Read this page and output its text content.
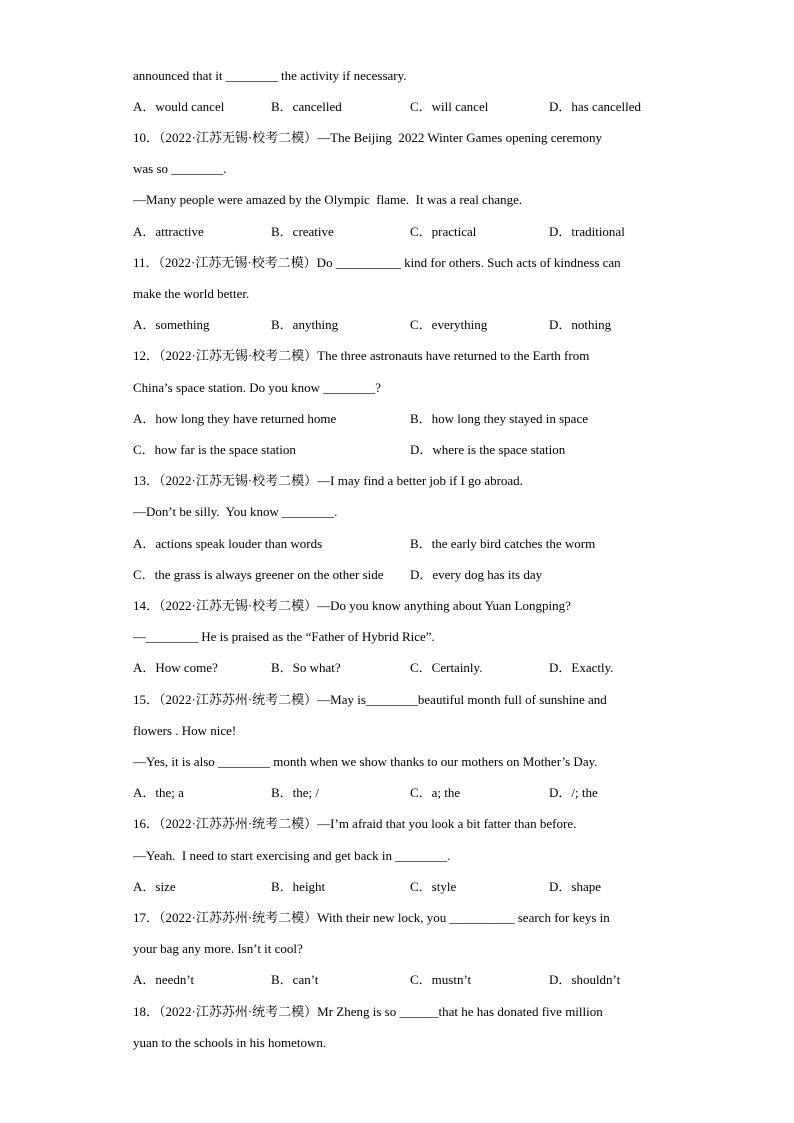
announced that it ________ the activity if necessary.
A．would cancel	B．cancelled	C．will cancel	D．has cancelled
10．（2022·江苏无锡·校考二模）—The Beijing  2022 Winter Games opening ceremony
was so ________.
—Many people were amazed by the Olympic  flame.  It was a real change.
A．attractive	B．creative	C．practical	D．traditional
11．（2022·江苏无锡·校考二模）Do __________ kind for others. Such acts of kindness can
make the world better.
A．something	B．anything	C．everything	D．nothing
12．（2022·江苏无锡·校考二模）The three astronauts have returned to the Earth from
China’s space station. Do you know ________?
A．how long they have returned home	B．how long they stayed in space
C．how far is the space station	D．where is the space station
13．（2022·江苏无锡·校考二模）—I may find a better job if I go abroad.
—Don’t be silly.  You know ________.
A．actions speak louder than words	B．the early bird catches the worm
C．the grass is always greener on the other side D．every dog has its day
14．（2022·江苏无锡·校考二模）—Do you know anything about Yuan Longping?
—________ He is praised as the “Father of Hybrid Rice”.
A．How come?	B．So what?	C．Certainly.	D．Exactly.
15．（2022·江苏苏州·统考二模）—May is________beautiful month full of sunshine and
flowers . How nice!
—Yes, it is also ________ month when we show thanks to our mothers on Mother’s Day.
A．the; a	B．the; /	C．a; the	D．/; the
16．（2022·江苏苏州·统考二模）—I’m afraid that you look a bit fatter than before.
—Yeah.  I need to start exercising and get back in ________.
A．size	B．height	C．style	D．shape
17．（2022·江苏苏州·统考二模）With their new lock, you __________ search for keys in
your bag any more. Isn’t it cool?
A．needn’t	B．can’t	C．mustn’t	D．shouldn’t
18．（2022·江苏苏州·统考二模）Mr Zheng is so ______that he has donated five million
yuan to the schools in his hometown.
